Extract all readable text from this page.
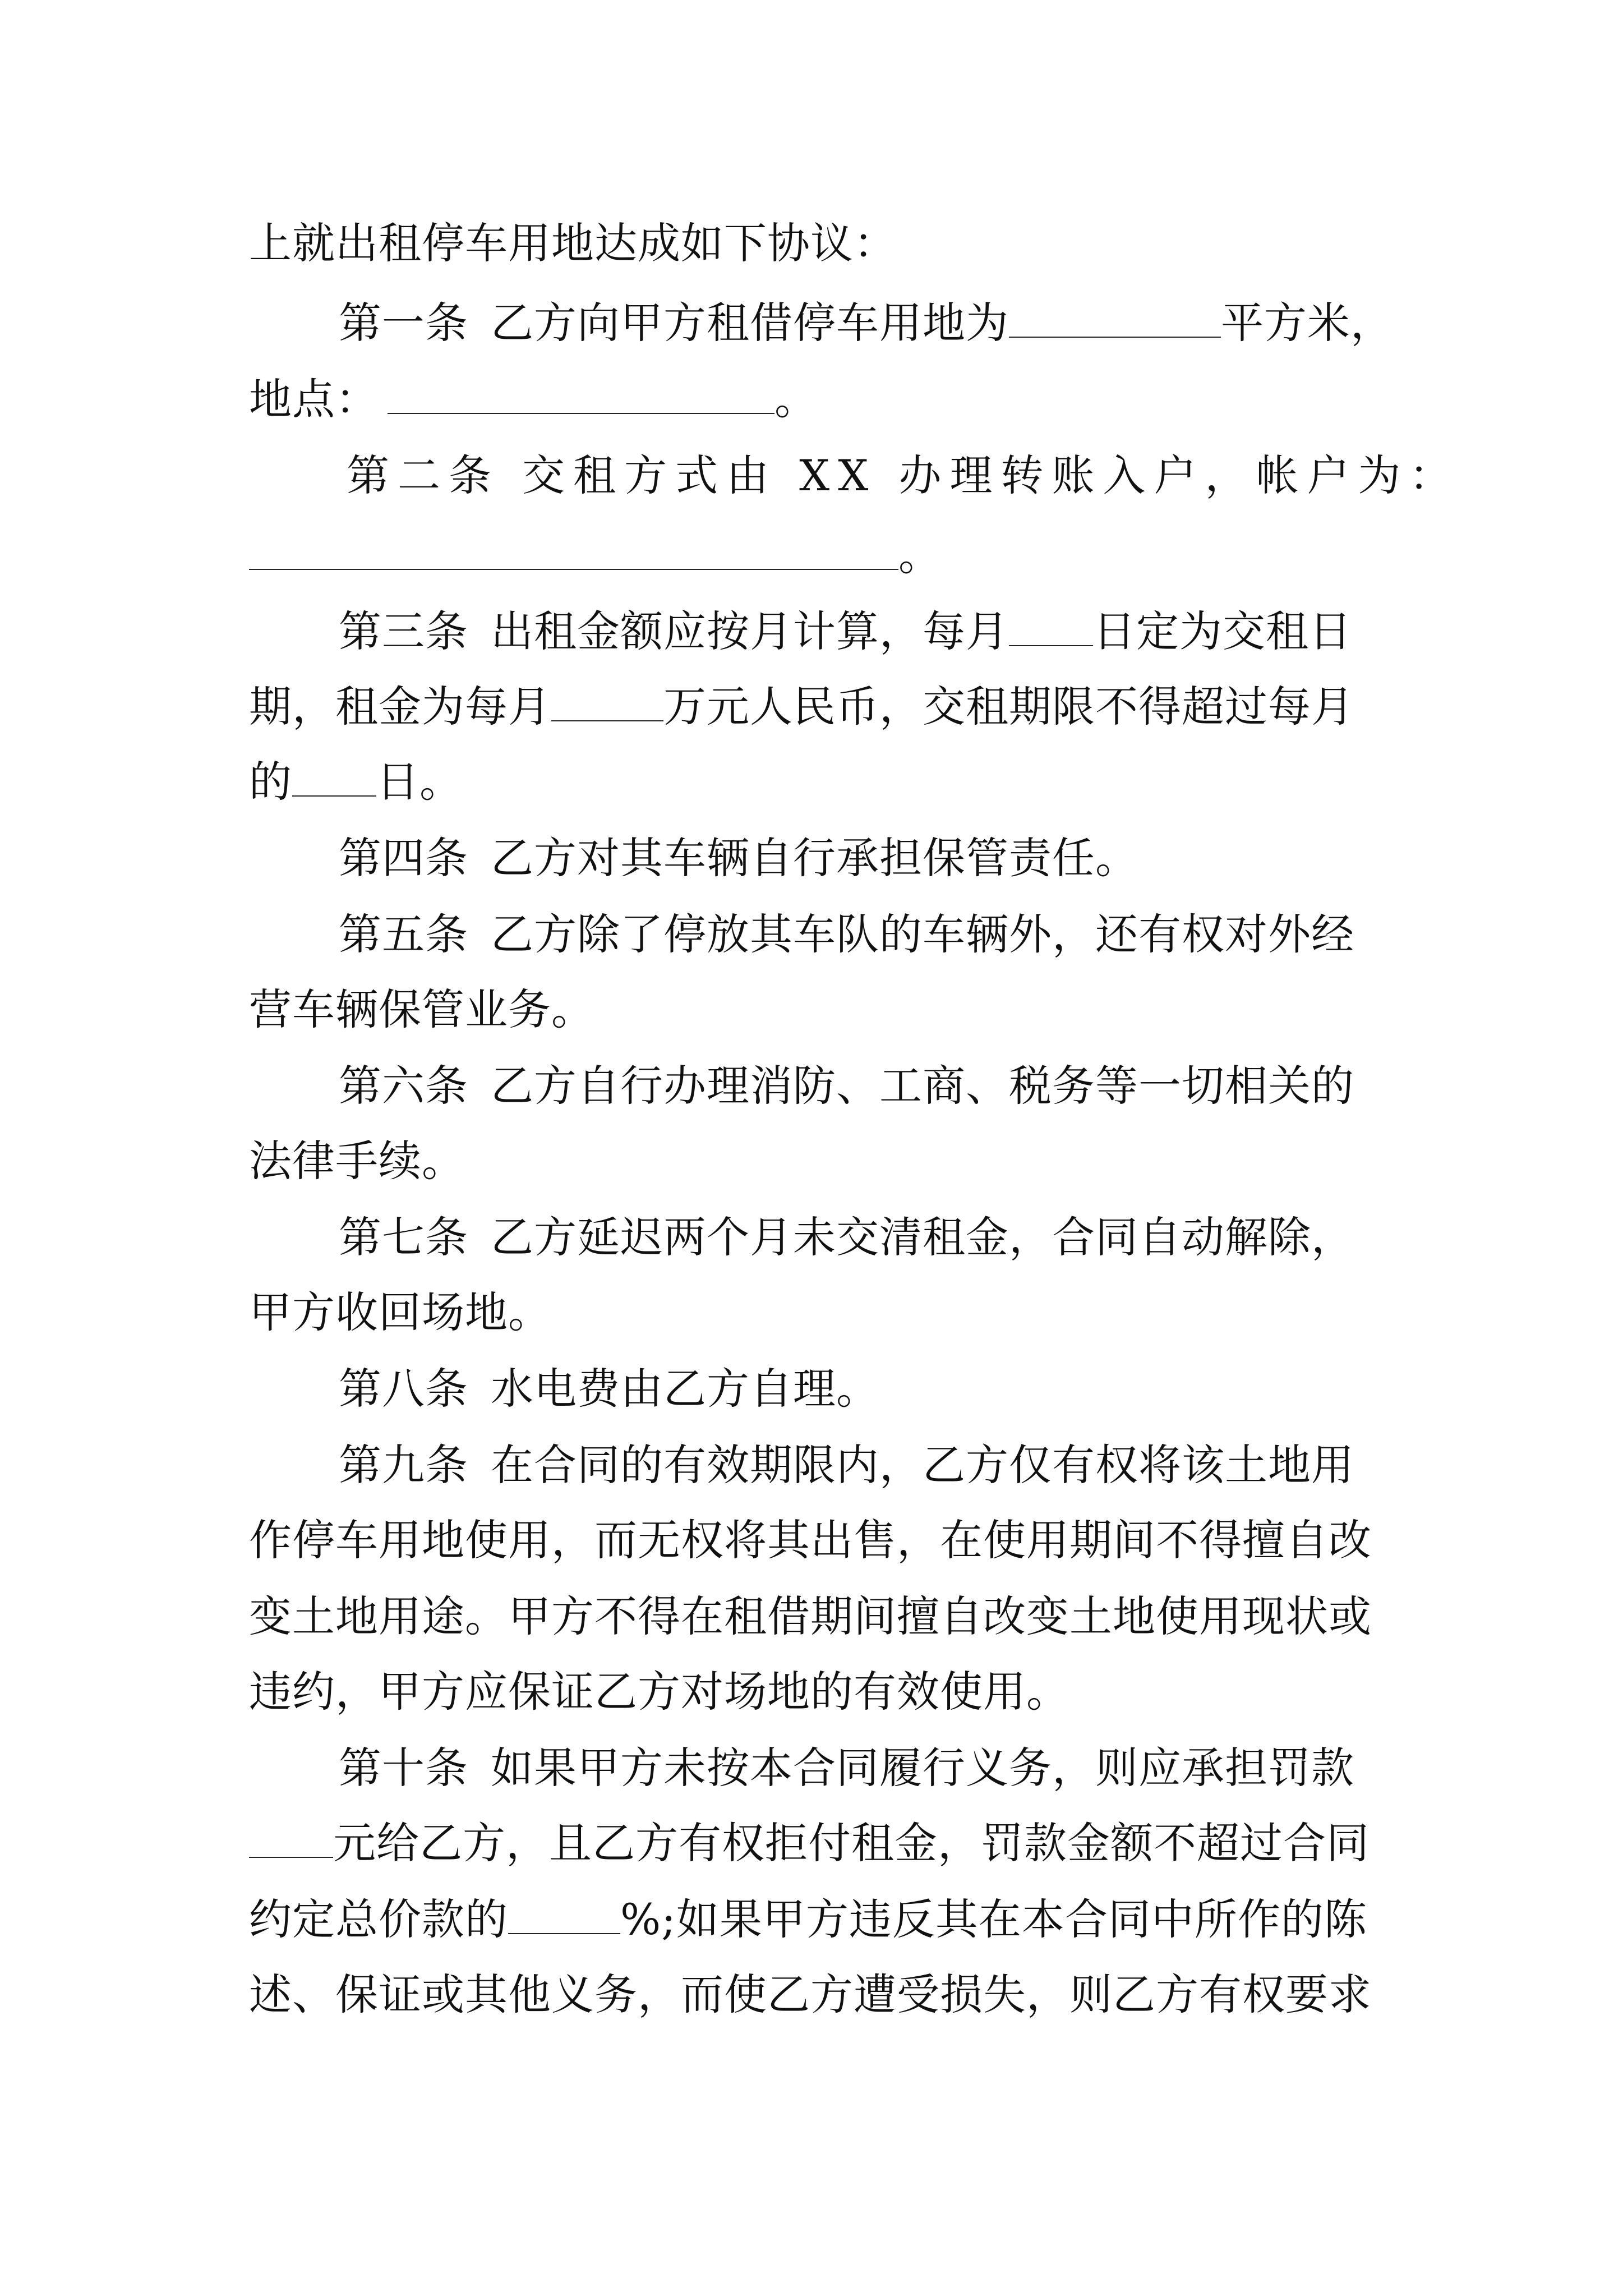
上就出租停车用地达成如下协议：
第一条 乙方向甲方租借停车用地为	平方米，
地点：	。
第二条 交租方式由 XX 办理转账入户，帐户为：
。
第三条 出租金额应按月计算，每月 日定为交租日
期，租金为每月	万元人民币，交租期限不得超过每月
的 日。
第四条 乙方对其车辆自行承担保管责任。
第五条 乙方除了停放其车队的车辆外，还有权对外经
营车辆保管业务。
第六条 乙方自行办理消防、工商、税务等一切相关的
法律手续。
第七条 乙方延迟两个月未交清租金，合同自动解除，
甲方收回场地。
第八条 水电费由乙方自理。
第九条 在合同的有效期限内，乙方仅有权将该土地用
作停车用地使用，而无权将其出售，在使用期间不得擅自改
变土地用途。甲方不得在租借期间擅自改变土地使用现状或
违约，甲方应保证乙方对场地的有效使用。
第十条 如果甲方未按本合同履行义务，则应承担罚款
元给乙方，且乙方有权拒付租金，罚款金额不超过合同
约定总价款的	%;如果甲方违反其在本合同中所作的陈
述、保证或其他义务，而使乙方遭受损失，则乙方有权要求
